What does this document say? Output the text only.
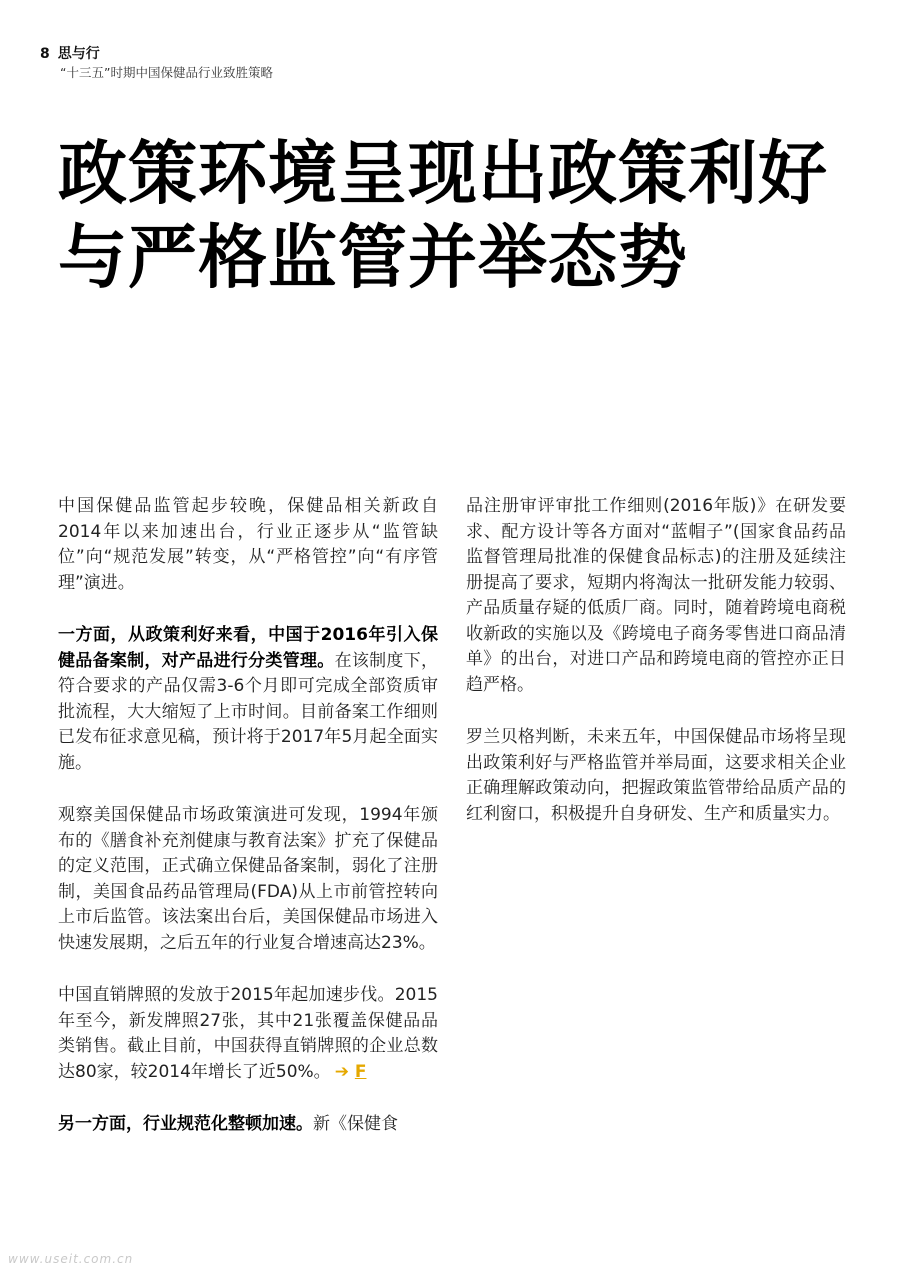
8 思与行
“十三五”时期中国保健品行业致胜策略
政策环境呈现出政策利好
与严格监管并举态势

中国保健品监管起步较晚，保健品相关新政自2014年以来加速出台，行业正逐步从“监管缺位”向“规范发展”转变，从“严格管控”向“有序管理”演进。

一方面，从政策利好来看，中国于2016年引入保健品备案制，对产品进行分类管理。在该制度下，符合要求的产品仅需3-6个月即可完成全部资质审批流程，大大缩短了上市时间。目前备案工作细则已发布征求意见稿，预计将于2017年5月起全面实施。

观察美国保健品市场政策演进可发现，1994年颁布的《膳食补充剂健康与教育法案》扩充了保健品的定义范围，正式确立保健品备案制，弱化了注册制，美国食品药品管理局(FDA)从上市前管控转向上市后监管。该法案出台后，美国保健品市场进入快速发展期，之后五年的行业复合增速高达23%。

中国直销牌照的发放于2015年起加速步伐。2015年至今，新发牌照27张，其中21张覆盖保健品品类销售。截止目前，中国获得直销牌照的企业总数达80家，较2014年增长了近50%。 ➔ F

另一方面，行业规范化整顿加速。新《保健食

品注册审评审批工作细则(2016年版)》在研发要求、配方设计等各方面对“蓝帽子”(国家食品药品监督管理局批准的保健食品标志)的注册及延续注册提高了要求，短期内将淘汰一批研发能力较弱、产品质量存疑的低质厂商。同时，随着跨境电商税收新政的实施以及《跨境电子商务零售进口商品清单》的出台，对进口产品和跨境电商的管控亦正日趋严格。

罗兰贝格判断，未来五年，中国保健品市场将呈现出政策利好与严格监管并举局面，这要求相关企业正确理解政策动向，把握政策监管带给品质产品的红利窗口，积极提升自身研发、生产和质量实力。

www.useit.com.cn
